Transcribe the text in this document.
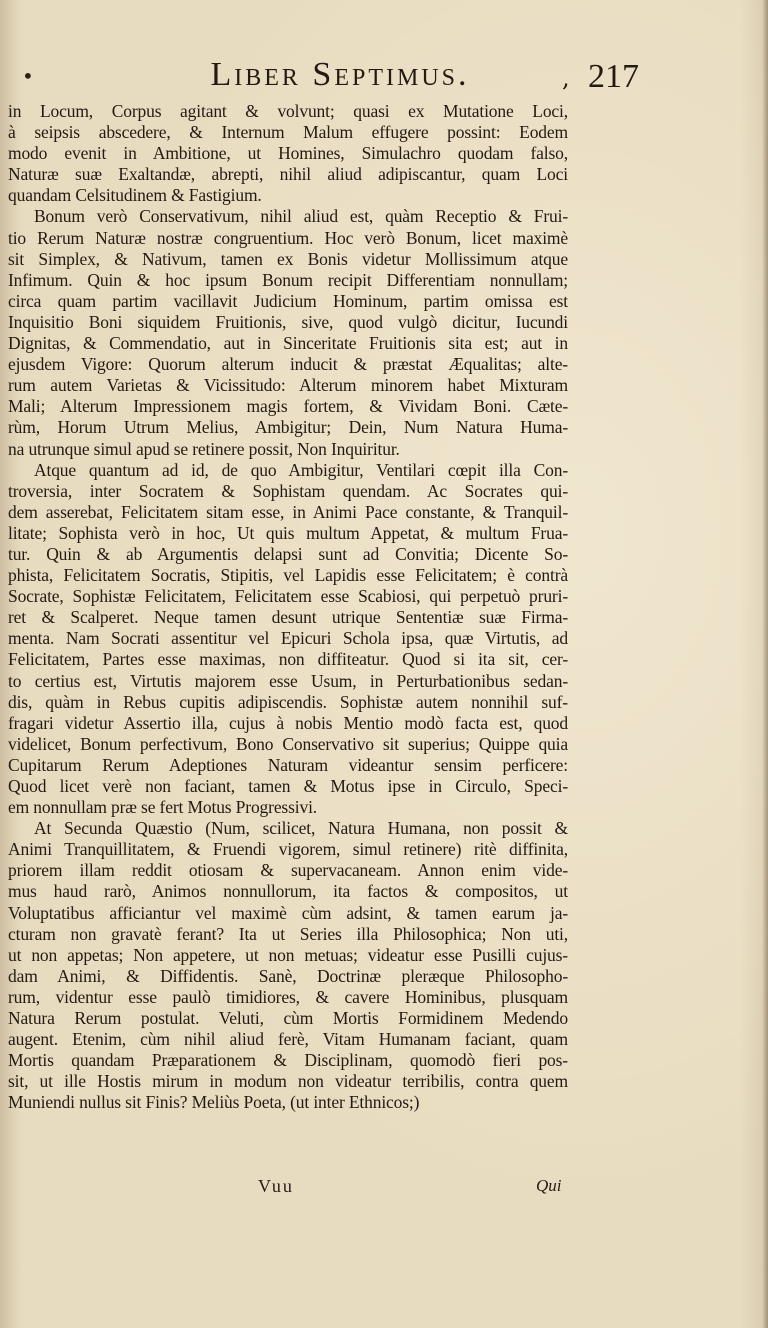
•	Liber Septimus.	, 217
in Locum, Corpus agitant & volvunt; quasi ex Mutatione Loci,
à seipsis abscedere, & Internum Malum effugere possint: Eodem
modo evenit in Ambitione, ut Homines, Simulachro quodam falso,
Naturæ suæ Exaltandæ, abrepti, nihil aliud adipiscantur, quam Loci
quandam Celsitudinem & Fastigium.
Bonum verò Conservativum, nihil aliud est, quàm Receptio & Frui-
tio Rerum Naturæ nostræ congruentium. Hoc verò Bonum, licet maximè
sit Simplex, & Nativum, tamen ex Bonis videtur Mollissimum atque
Infimum. Quin & hoc ipsum Bonum recipit Differentiam nonnullam;
circa quam partim vacillavit Judicium Hominum, partim omissa est
Inquisitio Boni siquidem Fruitionis, sive, quod vulgò dicitur, Iucundi
Dignitas, & Commendatio, aut in Sinceritate Fruitionis sita est; aut in
ejusdem Vigore: Quorum alterum inducit & præstat Æqualitas; alte-
rum autem Varietas & Vicissitudo: Alterum minorem habet Mixturam
Mali; Alterum Impressionem magis fortem, & Vividam Boni. Cæte-
rùm, Horum Utrum Melius, Ambigitur; Dein, Num Natura Huma-
na utrunque simul apud se retinere possit, Non Inquiritur.
Atque quantum ad id, de quo Ambigitur, Ventilari cœpit illa Con-
troversia, inter Socratem & Sophistam quendam. Ac Socrates qui-
dem asserebat, Felicitatem sitam esse, in Animi Pace constante, & Tranquil-
litate; Sophista verò in hoc, Ut quis multum Appetat, & multum Frua-
tur. Quin & ab Argumentis delapsi sunt ad Convitia; Dicente So-
phista, Felicitatem Socratis, Stipitis, vel Lapidis esse Felicitatem; è contrà
Socrate, Sophistæ Felicitatem, Felicitatem esse Scabiosi, qui perpetuò pruri-
ret & Scalperet. Neque tamen desunt utrique Sententiæ suæ Firma-
menta. Nam Socrati assentitur vel Epicuri Schola ipsa, quæ Virtutis, ad
Felicitatem, Partes esse maximas, non diffiteatur. Quod si ita sit, cer-
to certius est, Virtutis majorem esse Usum, in Perturbationibus sedan-
dis, quàm in Rebus cupitis adipiscendis. Sophistæ autem nonnihil suf-
fragari videtur Assertio illa, cujus à nobis Mentio modò facta est, quod
videlicet, Bonum perfectivum, Bono Conservativo sit superius; Quippe quia
Cupitarum Rerum Adeptiones Naturam videantur sensim perficere:
Quod licet verè non faciant, tamen & Motus ipse in Circulo, Speci-
em nonnullam præ se fert Motus Progressivi.
At Secunda Quæstio (Num, scilicet, Natura Humana, non possit &
Animi Tranquillitatem, & Fruendi vigorem, simul retinere) ritè diffinita,
priorem illam reddit otiosam & supervacaneam. Annon enim vide-
mus haud rarò, Animos nonnullorum, ita factos & compositos, ut
Voluptatibus afficiantur vel maximè cùm adsint, & tamen earum ja-
cturam non gravatè ferant? Ita ut Series illa Philosophica; Non uti,
ut non appetas; Non appetere, ut non metuas; videatur esse Pusilli cujus-
dam Animi, & Diffidentis. Sanè, Doctrinæ pleræque Philosopho-
rum, videntur esse paulò timidiores, & cavere Hominibus, plusquam
Natura Rerum postulat. Veluti, cùm Mortis Formidinem Medendo
augent. Etenim, cùm nihil aliud ferè, Vitam Humanam faciant, quam
Mortis quandam Præparationem & Disciplinam, quomodò fieri pos-
sit, ut ille Hostis mirum in modum non videatur terribilis, contra quem
Muniendi nullus sit Finis? Meliùs Poeta, (ut inter Ethnicos;)
Vuu	Qui
